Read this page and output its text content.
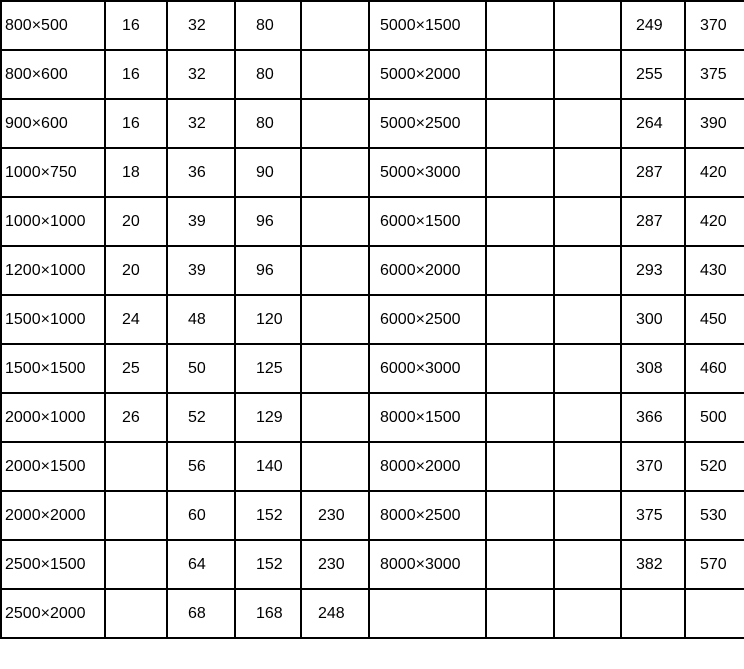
800×500	16	32	80		5000×1500			249	370
800×600	16	32	80		5000×2000			255	375
900×600	16	32	80		5000×2500			264	390
1000×750	18	36	90		5000×3000			287	420
1000×1000	20	39	96		6000×1500			287	420
1200×1000	20	39	96		6000×2000			293	430
1500×1000	24	48	120		6000×2500			300	450
1500×1500	25	50	125		6000×3000			308	460
2000×1000	26	52	129		8000×1500			366	500
2000×1500		56	140		8000×2000			370	520
2000×2000		60	152	230	8000×2500			375	530
2500×1500		64	152	230	8000×3000			382	570
2500×2000		68	168	248					
